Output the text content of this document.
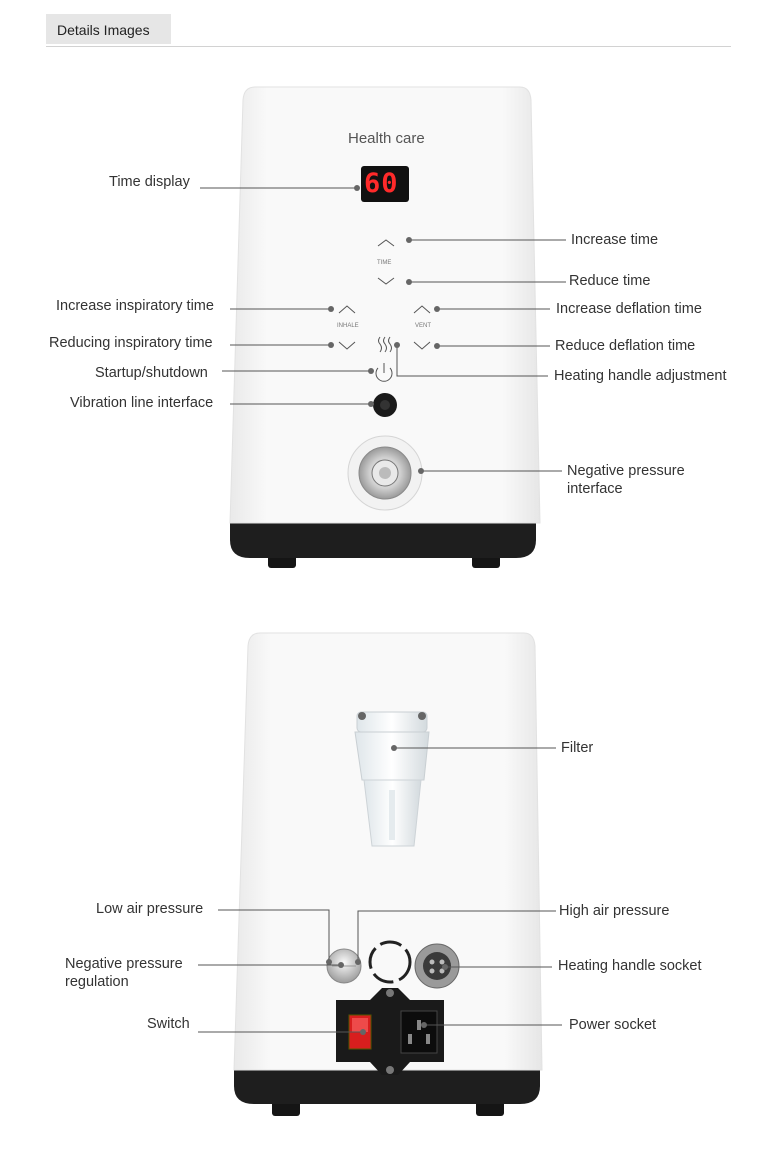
Details Images
Health care
60
TIME
INHALE	VENT
Time display
Increase time
Reduce time
Increase inspiratory time	Increase deflation time
Reducing inspiratory time	Reduce deflation time
Startup/shutdown	Heating handle adjustment
Vibration line interface
Negative pressure
interface
Filter
Low air pressure	High air pressure
Negative pressure
regulation
Heating handle socket
Switch	Power socket
